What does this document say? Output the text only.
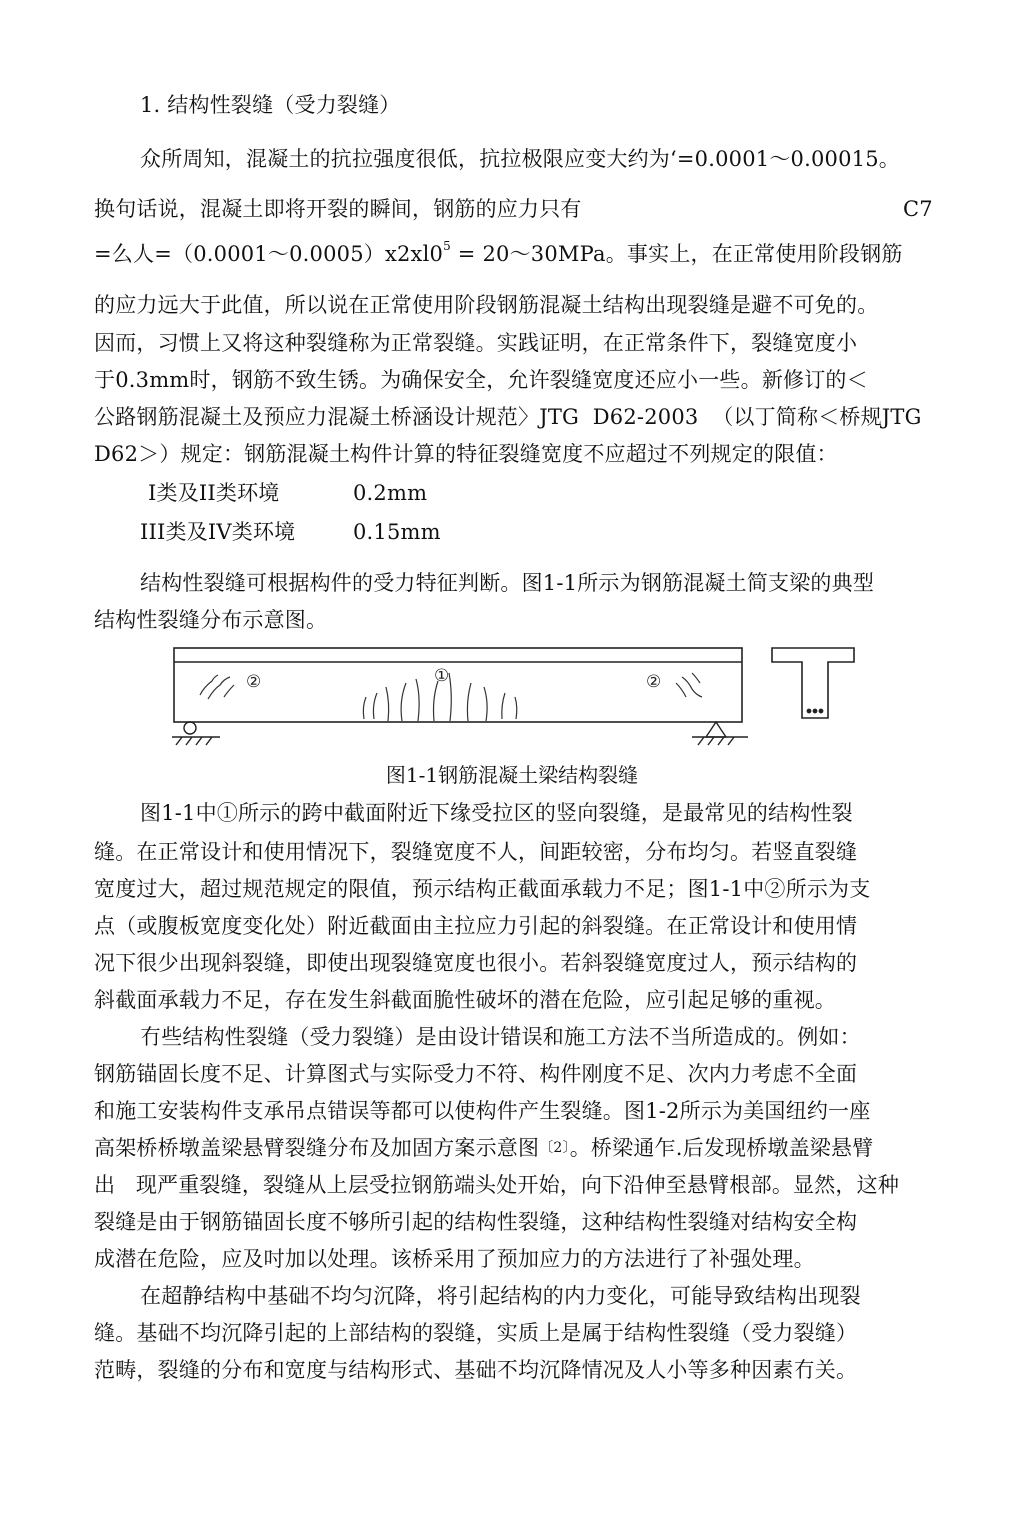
1. 结构性裂缝（受力裂缝）
众所周知，混凝土的抗拉强度很低，抗拉极限应变大约为‘=0.0001～0.00015。
换句话说，混凝土即将开裂的瞬间，钢筋的应力只有	C7
=么人$=(0.0001\sim 0.0005)x2xl0^5$ = 20～30MPa。事实上，在正常使用阶段钢筋
的应力远大于此值，所以说在正常使用阶段钢筋混凝土结构出现裂缝是避不可免的。
因而，习惯上又将这种裂缝称为正常裂缝。实践证明，在正常条件下，裂缝宽度小
于0.3mm时，钢筋不致生锈。为确保安全，允许裂缝宽度还应小一些。新修订的＜
公路钢筋混凝土及预应力混凝土桥涵设计规范〉JTG  D62-2003  （以丁简称＜桥规JTG
D62＞）规定：钢筋混凝土构件计算的特征裂缝宽度不应超过不列规定的限值：
I类及II类环境	0.2mm
III类及IV类环境	0.15mm
结构性裂缝可根据构件的受力特征判断。图1-1所示为钢筋混凝土简支梁的典型
结构性裂缝分布示意图。
②	①	②
图1-1钢筋混凝土梁结构裂缝
图1-1中①所示的跨中截面附近下缘受拉区的竖向裂缝，是最常见的结构性裂
缝。在正常设计和使用情况下，裂缝宽度不人，间距较密，分布均匀。若竖直裂缝
宽度过大，超过规范规定的限值，预示结构正截面承载力不足；图1-1中②所示为支
点（或腹板宽度变化处）附近截面由主拉应力引起的斜裂缝。在正常设计和使用情
况下很少出现斜裂缝，即使出现裂缝宽度也很小。若斜裂缝宽度过人，预示结构的
斜截面承载力不足，存在发生斜截面脆性破坏的潜在危险，应引起足够的重视。
冇些结构性裂缝（受力裂缝）是由设计错误和施工方法不当所造成的。例如：
钢筋锚固长度不足、计算图式与实际受力不符、构件刚度不足、次内力考虑不全面
和施工安装构件支承吊点错误等都可以使构件产生裂缝。图1-2所示为美国纽约一座
高架桥桥墩盖梁悬臂裂缝分布及加固方案示意图$^{〔2〕}$。桥梁通乍.后发现桥墩盖梁悬臂
出   现严重裂缝，裂缝从上层受拉钢筋端头处开始，向下沿伸至悬臂根部。显然，这种
裂缝是由于钢筋锚固长度不够所引起的结构性裂缝，这种结构性裂缝对结构安全构
成潜在危险，应及吋加以处理。该桥采用了预加应力的方法进行了补强处理。
在超静结构中基础不均匀沉降，将引起结构的内力变化，可能导致结构出现裂
缝。基础不均沉降引起的上部结构的裂缝，实质上是属于结构性裂缝（受力裂缝）
范畴，裂缝的分布和宽度与结构形式、基础不均沉降情况及人小等多种因素冇关。
